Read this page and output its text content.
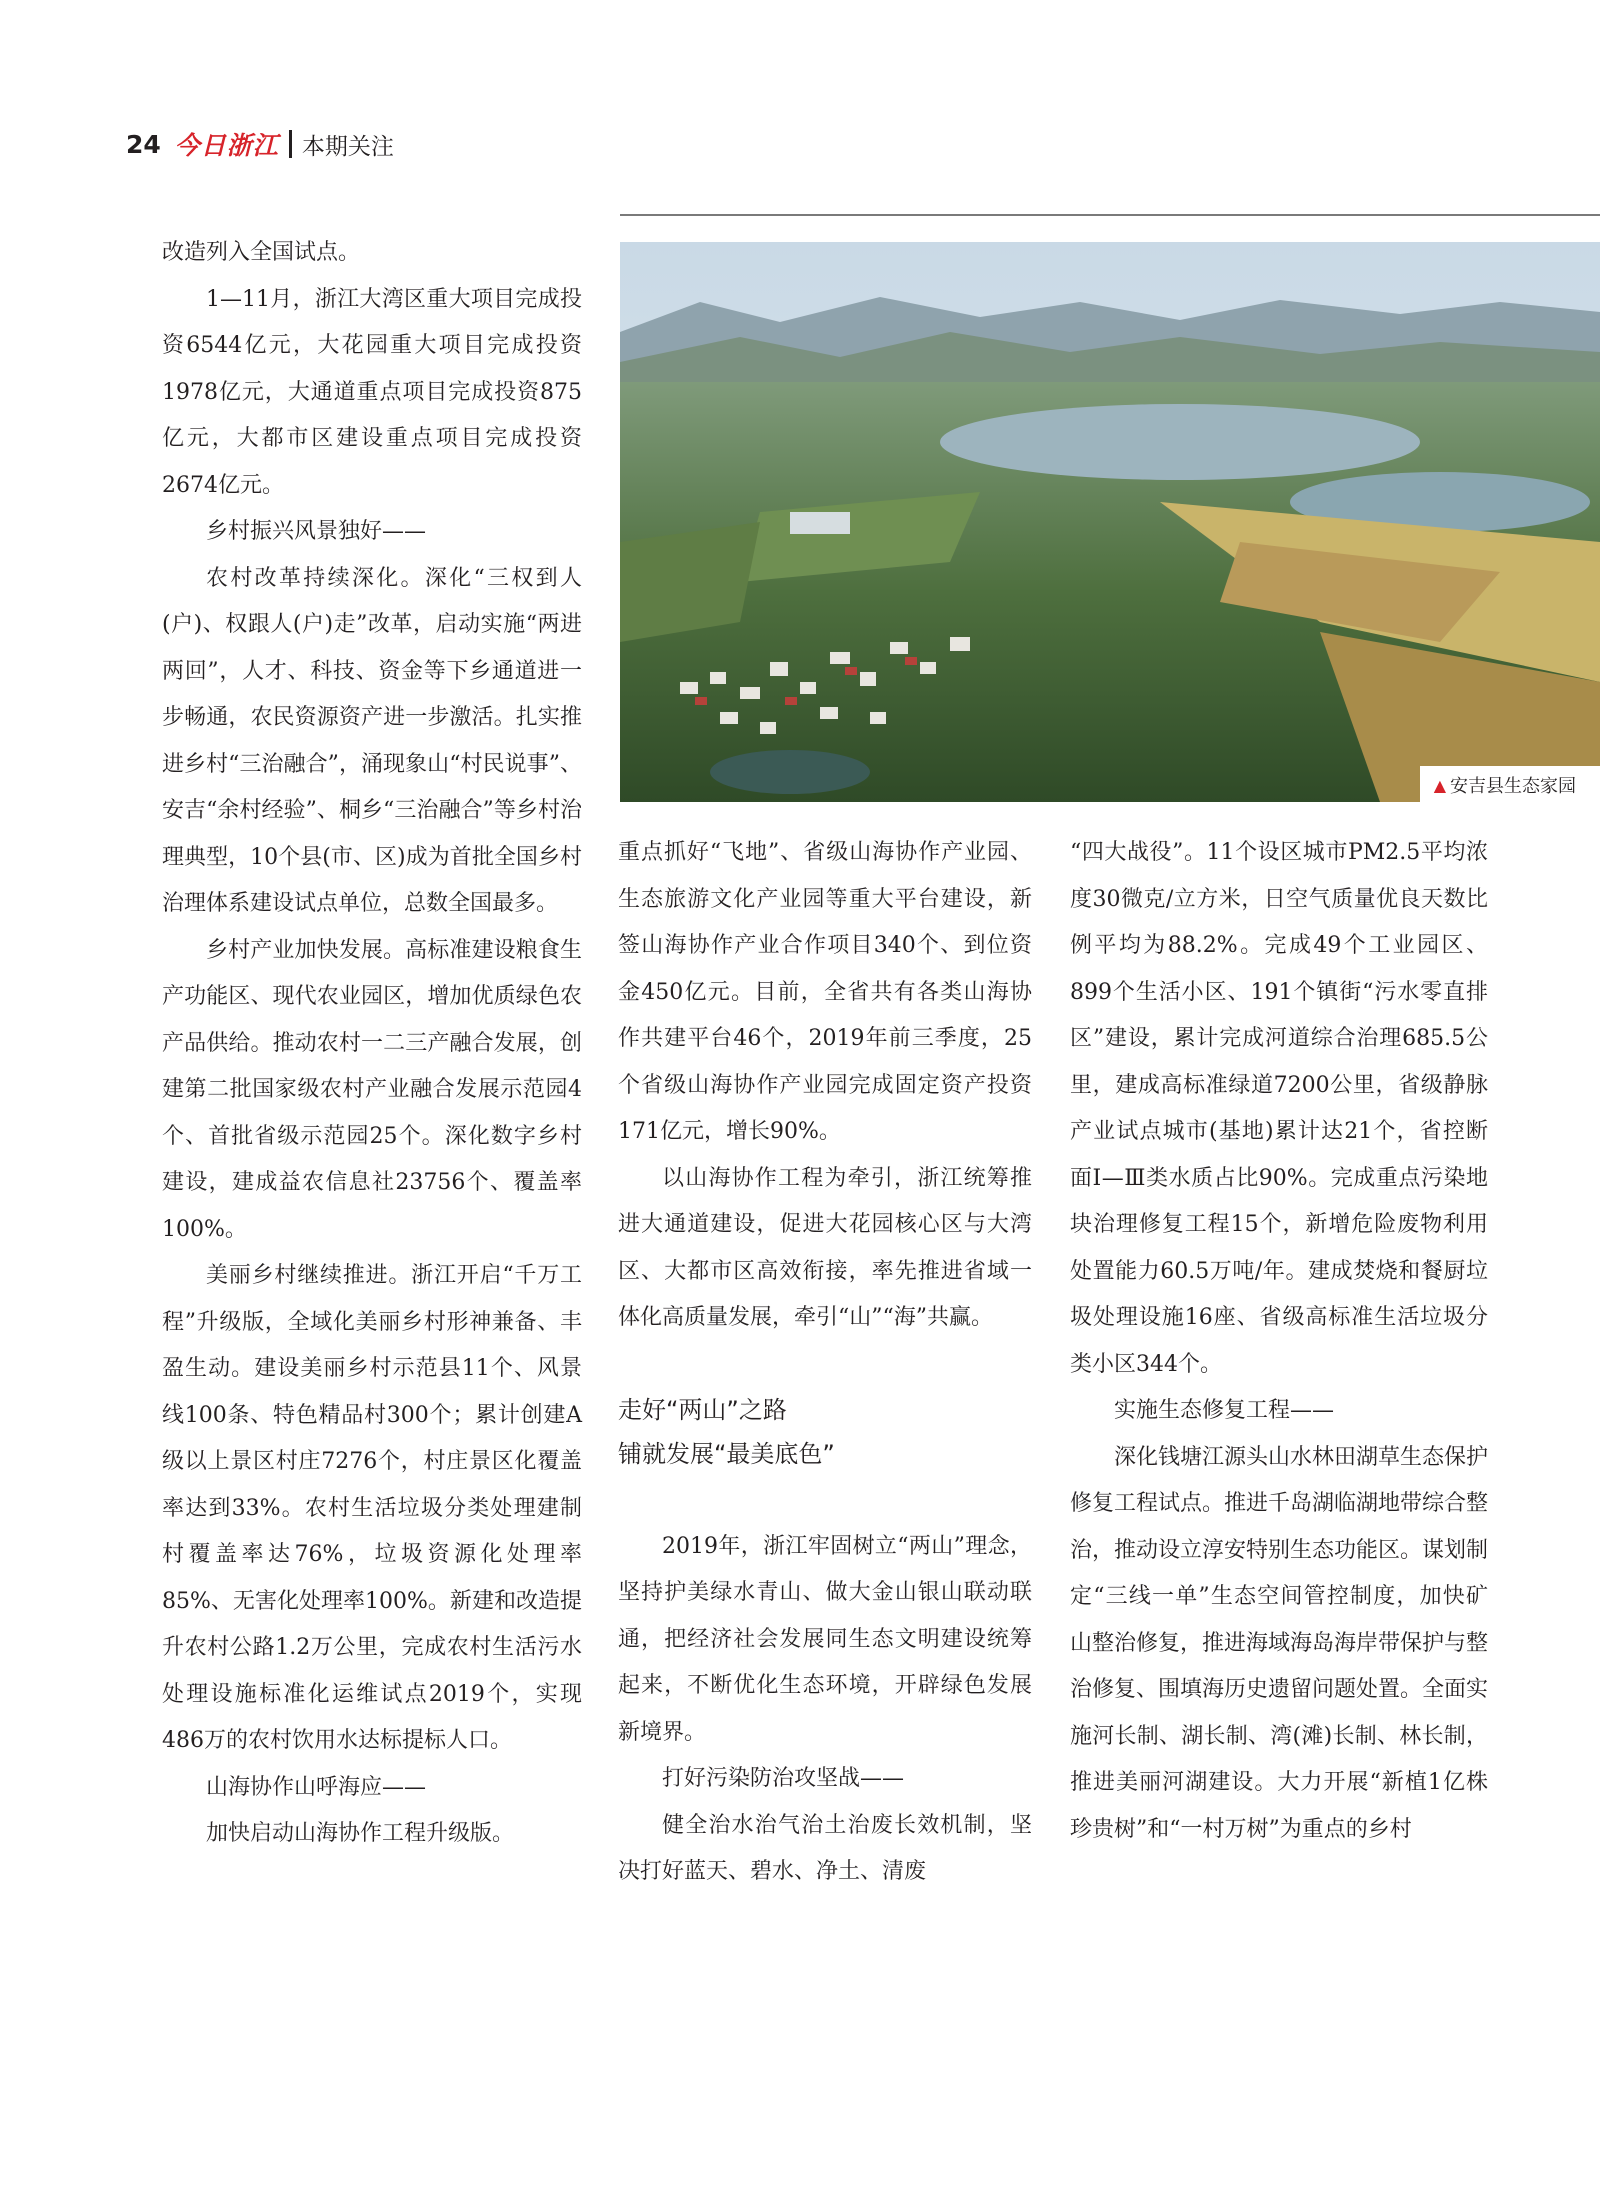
24 今日浙江 本期关注
▲ 安吉县生态家园

改造列入全国试点。

1—11月，浙江大湾区重大项目完成投资6544亿元，大花园重大项目完成投资1978亿元，大通道重点项目完成投资875亿元，大都市区建设重点项目完成投资2674亿元。

乡村振兴风景独好——

农村改革持续深化。深化“三权到人(户)、权跟人(户)走”改革，启动实施“两进两回”，人才、科技、资金等下乡通道进一步畅通，农民资源资产进一步激活。扎实推进乡村“三治融合”，涌现象山“村民说事”、安吉“余村经验”、桐乡“三治融合”等乡村治理典型，10个县(市、区)成为首批全国乡村治理体系建设试点单位，总数全国最多。

乡村产业加快发展。高标准建设粮食生产功能区、现代农业园区，增加优质绿色农产品供给。推动农村一二三产融合发展，创建第二批国家级农村产业融合发展示范园4个、首批省级示范园25个。深化数字乡村建设，建成益农信息社23756个、覆盖率100%。

美丽乡村继续推进。浙江开启“千万工程”升级版，全域化美丽乡村形神兼备、丰盈生动。建设美丽乡村示范县11个、风景线100条、特色精品村300个；累计创建A级以上景区村庄7276个，村庄景区化覆盖率达到33%。农村生活垃圾分类处理建制村覆盖率达76%，垃圾资源化处理率85%、无害化处理率100%。新建和改造提升农村公路1.2万公里，完成农村生活污水处理设施标准化运维试点2019个，实现486万的农村饮用水达标提标人口。

山海协作山呼海应——

加快启动山海协作工程升级版。

重点抓好“飞地”、省级山海协作产业园、生态旅游文化产业园等重大平台建设，新签山海协作产业合作项目340个、到位资金450亿元。目前，全省共有各类山海协作共建平台46个，2019年前三季度，25个省级山海协作产业园完成固定资产投资171亿元，增长90%。

以山海协作工程为牵引，浙江统筹推进大通道建设，促进大花园核心区与大湾区、大都市区高效衔接，率先推进省域一体化高质量发展，牵引“山”“海”共赢。

走好“两山”之路
铺就发展“最美底色”

2019年，浙江牢固树立“两山”理念，坚持护美绿水青山、做大金山银山联动联通，把经济社会发展同生态文明建设统筹起来，不断优化生态环境，开辟绿色发展新境界。

打好污染防治攻坚战——

健全治水治气治土治废长效机制，坚决打好蓝天、碧水、净土、清废

“四大战役”。11个设区城市PM2.5平均浓度30微克/立方米，日空气质量优良天数比例平均为88.2%。完成49个工业园区、899个生活小区、191个镇街“污水零直排区”建设，累计完成河道综合治理685.5公里，建成高标准绿道7200公里，省级静脉产业试点城市(基地)累计达21个，省控断面Ⅰ—Ⅲ类水质占比90%。完成重点污染地块治理修复工程15个，新增危险废物利用处置能力60.5万吨/年。建成焚烧和餐厨垃圾处理设施16座、省级高标准生活垃圾分类小区344个。

实施生态修复工程——

深化钱塘江源头山水林田湖草生态保护修复工程试点。推进千岛湖临湖地带综合整治，推动设立淳安特别生态功能区。谋划制定“三线一单”生态空间管控制度，加快矿山整治修复，推进海域海岛海岸带保护与整治修复、围填海历史遗留问题处置。全面实施河长制、湖长制、湾(滩)长制、林长制，推进美丽河湖建设。大力开展“新植1亿株珍贵树”和“一村万树”为重点的乡村
